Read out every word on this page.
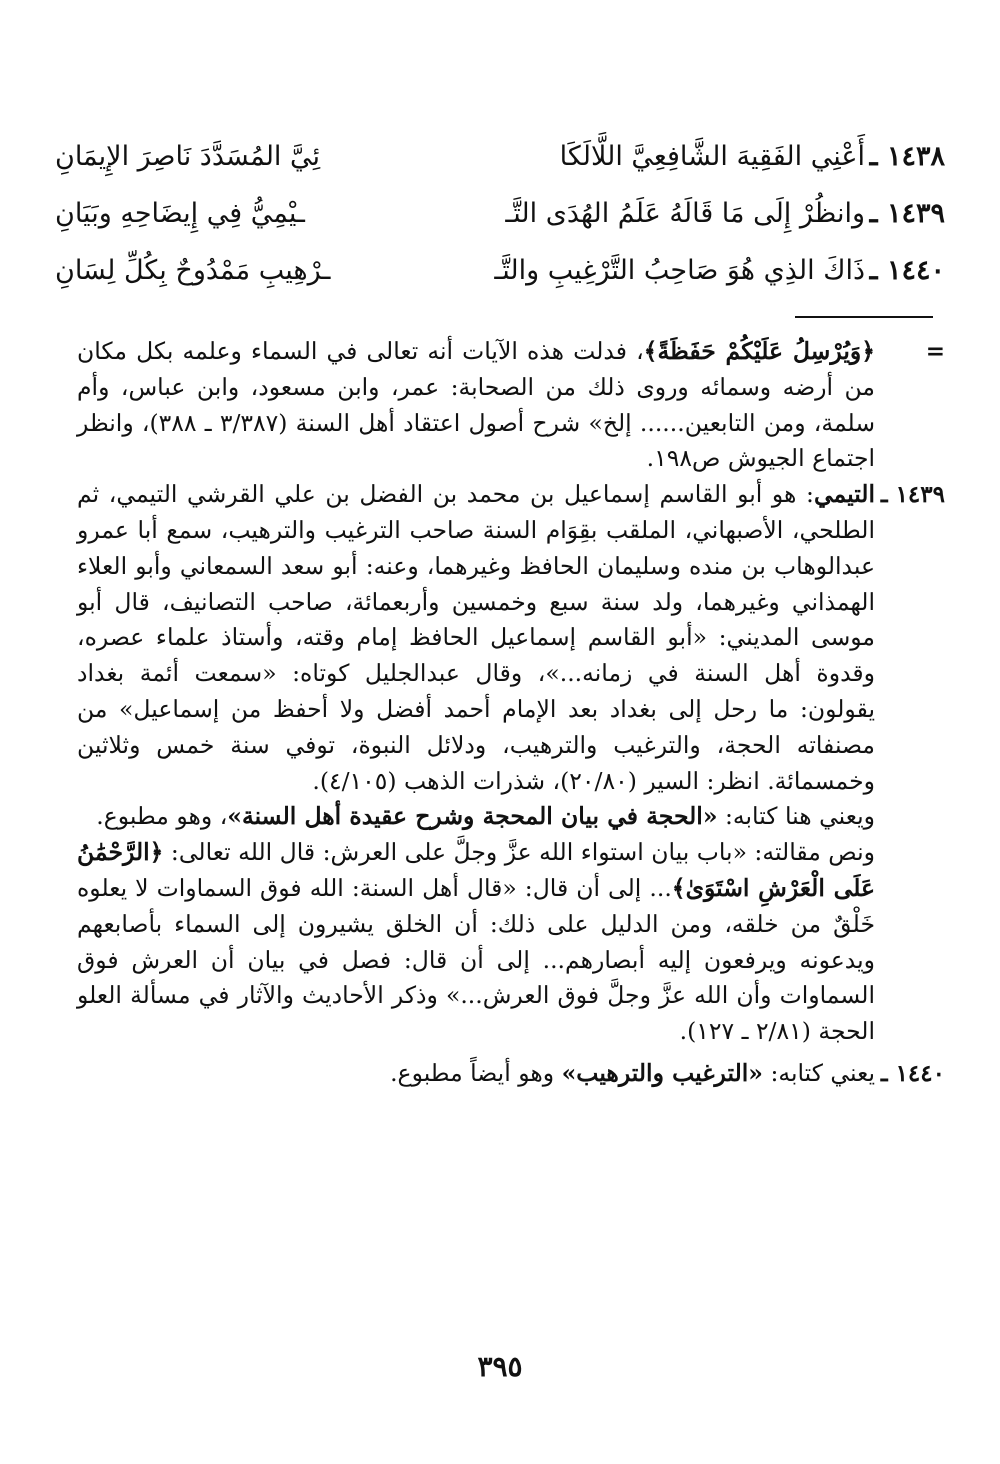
١٤٣٨ ـ
أَعْنِي الفَقِيهَ الشَّافِعِيَّ اللَّالَكَا
ئِيَّ المُسَدَّدَ نَاصِرَ الإِيمَانِ
١٤٣٩ ـ
وانظُرْ إِلَى مَا قَالَهُ عَلَمُ الهُدَى التَّـ
ـيْمِيُّ فِي إِيضَاحِهِ وبَيَانِ
١٤٤٠ ـ
ذَاكَ الذِي هُوَ صَاحِبُ التَّرْغِيبِ والتَّـ
ـرْهِيبِ مَمْدُوحٌ بِكُلِّ لِسَانِ
=

﴿وَيُرْسِلُ عَلَيْكُمْ حَفَظَةً﴾، فدلت هذه الآيات أنه تعالى في السماء وعلمه بكل مكان من أرضه وسمائه وروى ذلك من الصحابة: عمر، وابن مسعود، وابن عباس، وأم سلمة، ومن التابعين...... إلخ» شرح أصول اعتقاد أهل السنة (٣/٣٨٧ ـ ٣٨٨)، وانظر اجتماع الجيوش ص١٩٨.

١٤٣٩ ـ

التيمي: هو أبو القاسم إسماعيل بن محمد بن الفضل بن علي القرشي التيمي، ثم الطلحي، الأصبهاني، الملقب بقِوَام السنة صاحب الترغيب والترهيب، سمع أبا عمرو عبدالوهاب بن منده وسليمان الحافظ وغيرهما، وعنه: أبو سعد السمعاني وأبو العلاء الهمذاني وغيرهما، ولد سنة سبع وخمسين وأربعمائة، صاحب التصانيف، قال أبو موسى المديني: «أبو القاسم إسماعيل الحافظ إمام وقته، وأستاذ علماء عصره، وقدوة أهل السنة في زمانه...»، وقال عبدالجليل كوتاه: «سمعت أئمة بغداد يقولون: ما رحل إلى بغداد بعد الإمام أحمد أفضل ولا أحفظ من إسماعيل» من مصنفاته الحجة، والترغيب والترهيب، ودلائل النبوة، توفي سنة خمس وثلاثين وخمسمائة. انظر: السير (٢٠/٨٠)، شذرات الذهب (٤/١٠٥).

ويعني هنا كتابه: «الحجة في بيان المحجة وشرح عقيدة أهل السنة»، وهو مطبوع.

ونص مقالته: «باب بيان استواء الله عزَّ وجلَّ على العرش: قال الله تعالى: ﴿الرَّحْمَٰنُ عَلَى الْعَرْشِ اسْتَوَىٰ﴾... إلى أن قال: «قال أهل السنة: الله فوق السماوات لا يعلوه خَلْقٌ من خلقه، ومن الدليل على ذلك: أن الخلق يشيرون إلى السماء بأصابعهم ويدعونه ويرفعون إليه أبصارهم... إلى أن قال: فصل في بيان أن العرش فوق السماوات وأن الله عزَّ وجلَّ فوق العرش...» وذكر الأحاديث والآثار في مسألة العلو الحجة (٢/٨١ ـ ١٢٧).

١٤٤٠ ـ

يعني كتابه: «الترغيب والترهيب» وهو أيضاً مطبوع.

٣٩٥
